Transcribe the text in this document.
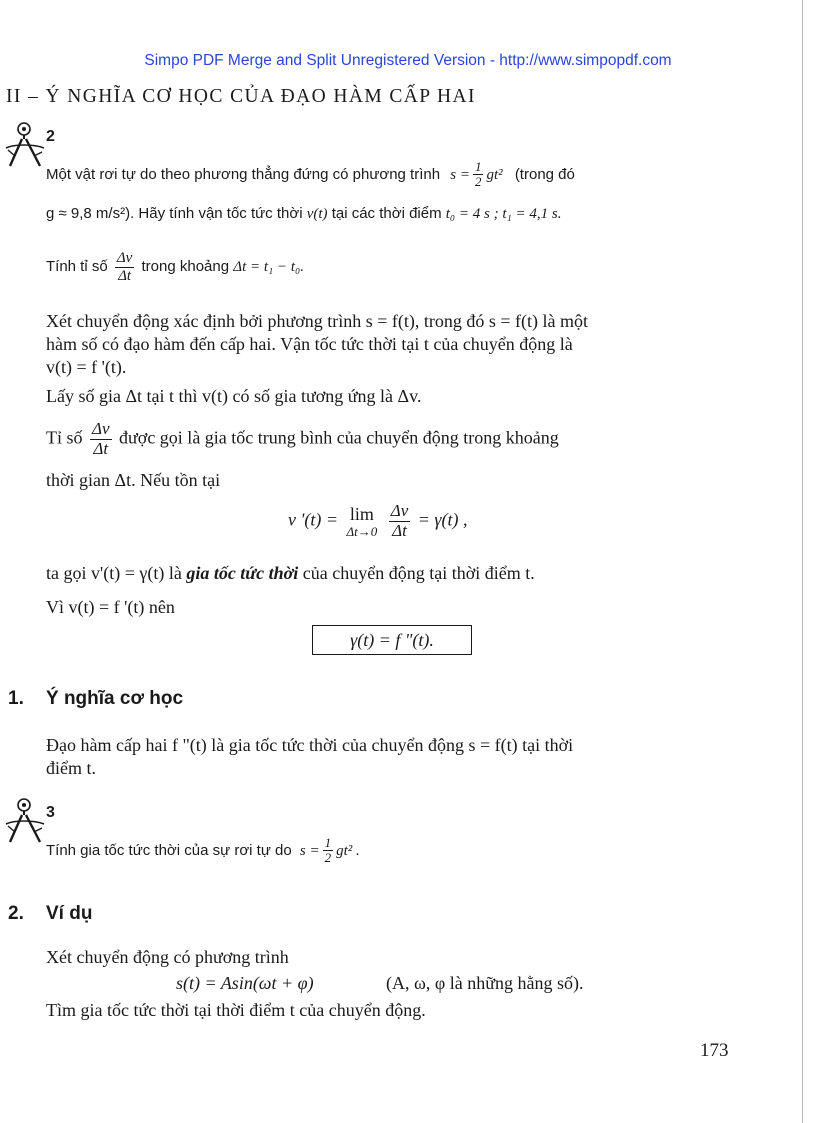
Simpo PDF Merge and Split Unregistered Version - http://www.simpopdf.com
II – Ý NGHĨA CƠ HỌC CỦA ĐẠO HÀM CẤP HAI
2
Một vật rơi tự do theo phương thẳng đứng có phương trình $s = \frac{1}{2} gt^2$ (trong đó
g ≈ 9,8 m/s²). Hãy tính vận tốc tức thời v(t) tại các thời điểm t₀ = 4 s ; t₁ = 4,1 s.
Tính tỉ số $\frac{\Delta v}{\Delta t}$ trong khoảng Δt = t₁ − t₀.
Xét chuyển động xác định bởi phương trình s = f(t), trong đó s = f(t) là một
hàm số có đạo hàm đến cấp hai. Vận tốc tức thời tại t của chuyển động là
v(t) = f '(t).
Lấy số gia Δt tại t thì v(t) có số gia tương ứng là Δv.
Tỉ số $\frac{\Delta v}{\Delta t}$ được gọi là gia tốc trung bình của chuyển động trong khoảng
thời gian Δt. Nếu tồn tại
v '(t) = lim
Δt→0
$\frac{\Delta v}{\Delta t} = \gamma(t)$ ,
ta gọi v'(t) = γ(t) là gia tốc tức thời của chuyển động tại thời điểm t.
Vì v(t) = f '(t) nên
γ(t) = f "(t).
1. Ý nghĩa cơ học
Đạo hàm cấp hai f "(t) là gia tốc tức thời của chuyển động s = f(t) tại thời
điểm t.
3
Tính gia tốc tức thời của sự rơi tự do $s = \frac{1}{2} gt^2$ .
2. Ví dụ
Xét chuyển động có phương trình
s(t) = Asin(ωt + φ)	(A, ω, φ là những hằng số).
Tìm gia tốc tức thời tại thời điểm t của chuyển động.
173
